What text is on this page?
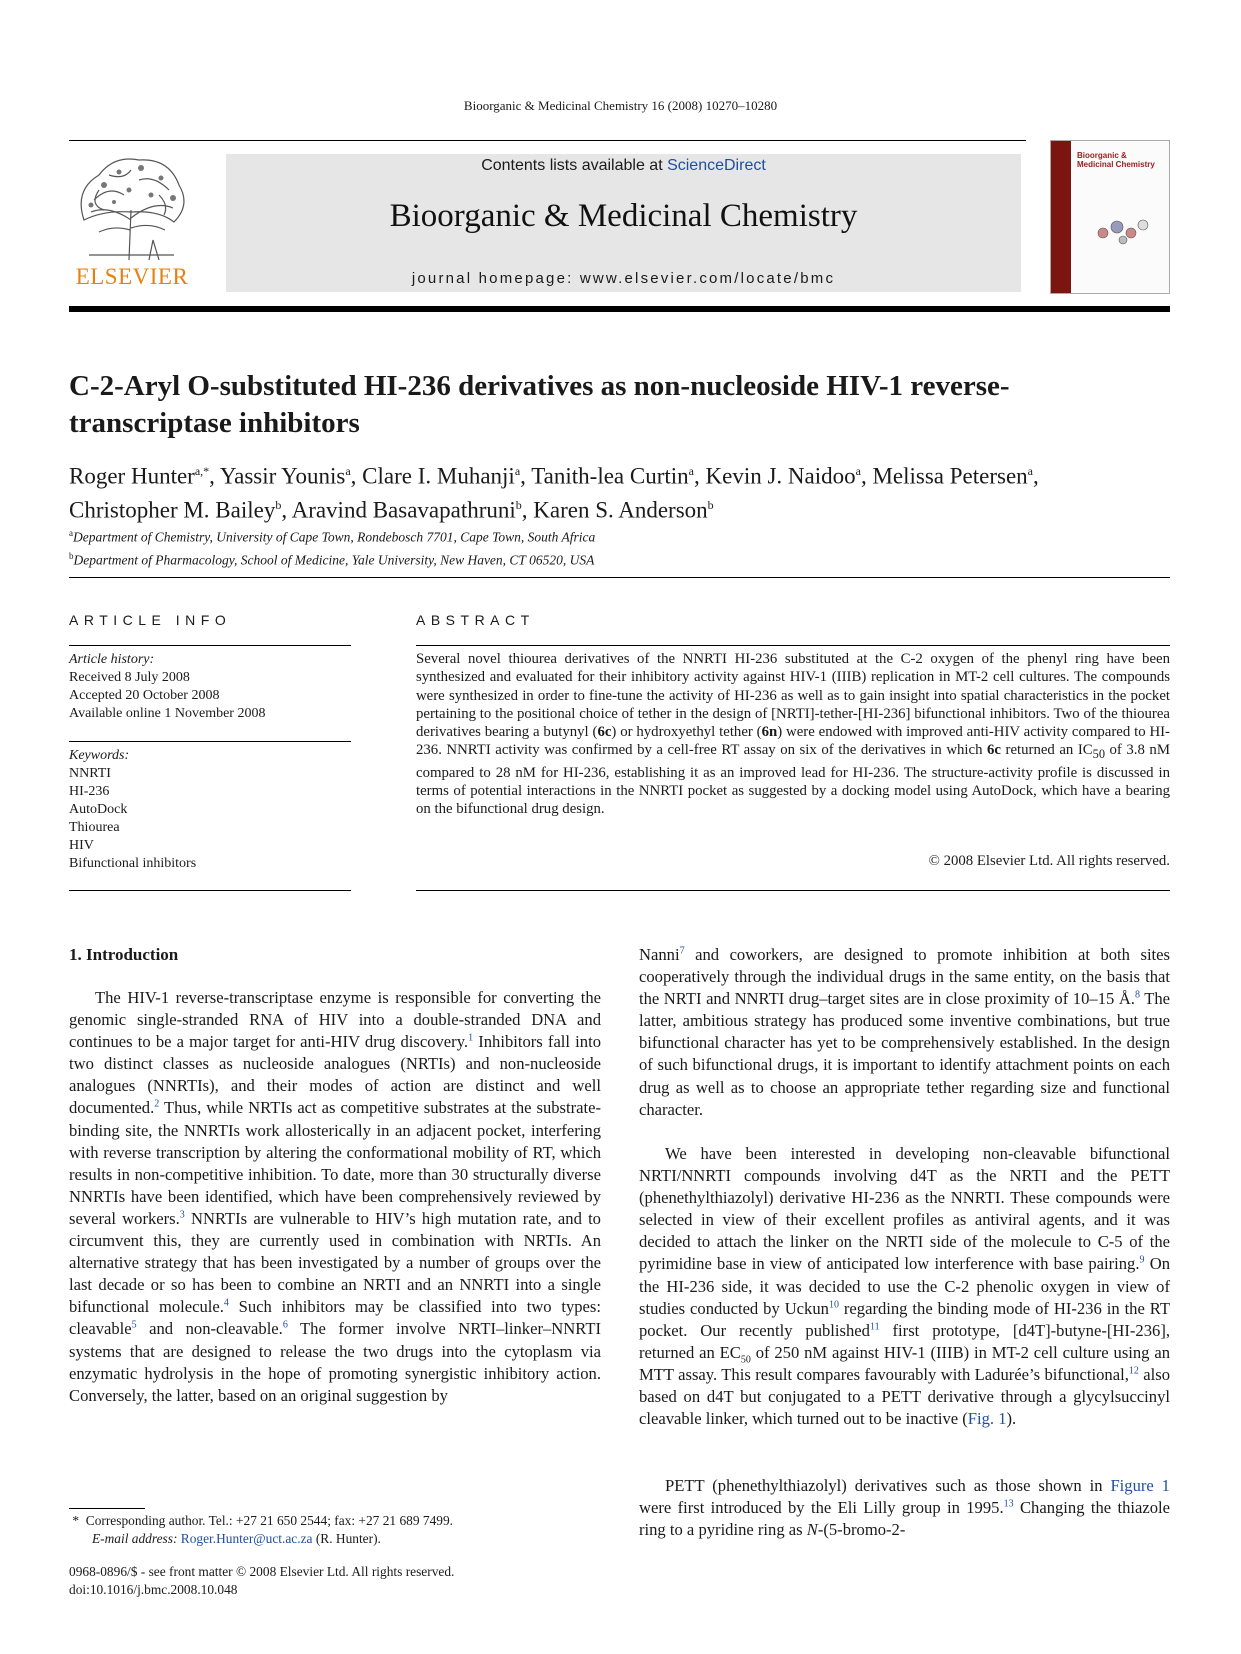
Bioorganic & Medicinal Chemistry 16 (2008) 10270–10280
ELSEVIER
Contents lists available at ScienceDirect
Bioorganic & Medicinal Chemistry
journal homepage: www.elsevier.com/locate/bmc
Bioorganic & Medicinal Chemistry
C-2-Aryl O-substituted HI-236 derivatives as non-nucleoside HIV-1 reverse-transcriptase inhibitors

Roger Hunter$^{a,*}$, Yassir Younis$^a$, Clare I. Muhanji$^a$, Tanith-lea Curtin$^a$, Kevin J. Naidoo$^a$, Melissa Petersen$^a$,
Christopher M. Bailey$^b$, Aravind Basavapathruni$^b$, Karen S. Anderson$^b$

$^a$Department of Chemistry, University of Cape Town, Rondebosch 7701, Cape Town, South Africa
$^b$Department of Pharmacology, School of Medicine, Yale University, New Haven, CT 06520, USA
ARTICLE INFO	ABSTRACT
Article history:
Received 8 July 2008
Accepted 20 October 2008
Available online 1 November 2008
Keywords:
NNRTI
HI-236
AutoDock
Thiourea
HIV
Bifunctional inhibitors

Several novel thiourea derivatives of the NNRTI HI-236 substituted at the C-2 oxygen of the phenyl ring have been synthesized and evaluated for their inhibitory activity against HIV-1 (IIIB) replication in MT-2 cell cultures. The compounds were synthesized in order to fine-tune the activity of HI-236 as well as to gain insight into spatial characteristics in the pocket pertaining to the positional choice of tether in the design of [NRTI]-tether-[HI-236] bifunctional inhibitors. Two of the thiourea derivatives bearing a butynyl (6c) or hydroxyethyl tether (6n) were endowed with improved anti-HIV activity compared to HI-236. NNRTI activity was confirmed by a cell-free RT assay on six of the derivatives in which 6c returned an $IC_{50}$ of 3.8 nM compared to 28 nM for HI-236, establishing it as an improved lead for HI-236. The structure-activity profile is discussed in terms of potential interactions in the NNRTI pocket as suggested by a docking model using AutoDock, which have a bearing on the bifunctional drug design.

© 2008 Elsevier Ltd. All rights reserved.
1. Introduction

The HIV-1 reverse-transcriptase enzyme is responsible for converting the genomic single-stranded RNA of HIV into a double-stranded DNA and continues to be a major target for anti-HIV drug discovery.$^1$ Inhibitors fall into two distinct classes as nucleoside analogues (NRTIs) and non-nucleoside analogues (NNRTIs), and their modes of action are distinct and well documented.$^2$ Thus, while NRTIs act as competitive substrates at the substrate-binding site, the NNRTIs work allosterically in an adjacent pocket, interfering with reverse transcription by altering the conformational mobility of RT, which results in non-competitive inhibition. To date, more than 30 structurally diverse NNRTIs have been identified, which have been comprehensively reviewed by several workers.$^3$ NNRTIs are vulnerable to HIV’s high mutation rate, and to circumvent this, they are currently used in combination with NRTIs. An alternative strategy that has been investigated by a number of groups over the last decade or so has been to combine an NRTI and an NNRTI into a single bifunctional molecule.$^4$ Such inhibitors may be classified into two types: cleavable$^5$ and non-cleavable.$^6$ The former involve NRTI–linker–NNRTI systems that are designed to release the two drugs into the cytoplasm via enzymatic hydrolysis in the hope of promoting synergistic inhibitory action. Conversely, the latter, based on an original suggestion by

Nanni$^7$ and coworkers, are designed to promote inhibition at both sites cooperatively through the individual drugs in the same entity, on the basis that the NRTI and NNRTI drug–target sites are in close proximity of 10–15 Å.$^8$ The latter, ambitious strategy has produced some inventive combinations, but true bifunctional character has yet to be comprehensively established. In the design of such bifunctional drugs, it is important to identify attachment points on each drug as well as to choose an appropriate tether regarding size and functional character.

We have been interested in developing non-cleavable bifunctional NRTI/NNRTI compounds involving d4T as the NRTI and the PETT (phenethylthiazolyl) derivative HI-236 as the NNRTI. These compounds were selected in view of their excellent profiles as antiviral agents, and it was decided to attach the linker on the NRTI side of the molecule to C-5 of the pyrimidine base in view of anticipated low interference with base pairing.$^9$ On the HI-236 side, it was decided to use the C-2 phenolic oxygen in view of studies conducted by Uckun$^{10}$ regarding the binding mode of HI-236 in the RT pocket. Our recently published$^{11}$ first prototype, [d4T]-butyne-[HI-236], returned an $EC_{50}$ of 250 nM against HIV-1 (IIIB) in MT-2 cell culture using an MTT assay. This result compares favourably with Ladurée’s bifunctional,$^{12}$ also based on d4T but conjugated to a PETT derivative through a glycylsuccinyl cleavable linker, which turned out to be inactive (Fig. 1).

PETT (phenethylthiazolyl) derivatives such as those shown in Figure 1 were first introduced by the Eli Lilly group in 1995.13 Changing the thiazole ring to a pyridine ring as N-(5-bromo-2-

* Corresponding author. Tel.: +27 21 650 2544; fax: +27 21 689 7499.
E-mail address: Roger.Hunter@uct.ac.za (R. Hunter).
0968-0896/$ - see front matter © 2008 Elsevier Ltd. All rights reserved.
doi:10.1016/j.bmc.2008.10.048
